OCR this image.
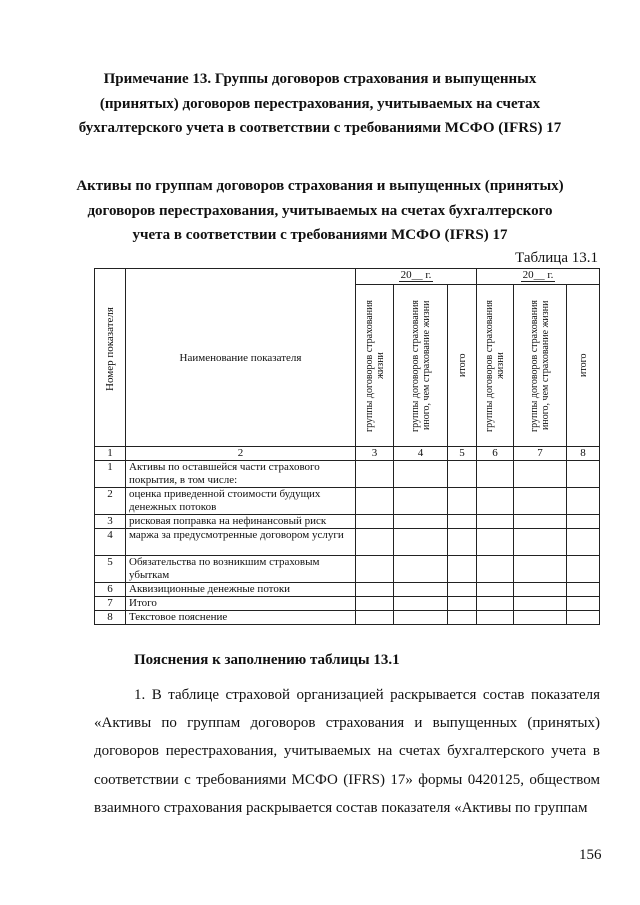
Примечание 13. Группы договоров страхования и выпущенных (принятых) договоров перестрахования, учитываемых на счетах бухгалтерского учета в соответствии с требованиями МСФО (IFRS) 17
Активы по группам договоров страхования и выпущенных (принятых) договоров перестрахования, учитываемых на счетах бухгалтерского учета в соответствии с требованиями МСФО (IFRS) 17
Таблица 13.1
Номер показателя	Наименование показателя	20__ г.			20__ г.		

		группы договоров страхования жизни	группы договоров страхования иного, чем страхование жизни	итого	группы договоров страхования жизни	группы договоров страхования иного, чем страхование жизни	итого

1	2	3	4	5	6	7	8
1	Активы по оставшейся части страхового покрытия, в том числе:						
2	оценка приведенной стоимости будущих денежных потоков						
3	рисковая поправка на нефинансовый риск						
4	маржа за предусмотренные договором услуги						
5	Обязательства по возникшим страховым убыткам						
6	Аквизиционные денежные потоки						
7	Итого						
8	Текстовое пояснение						
Пояснения к заполнению таблицы 13.1

1. В таблице страховой организацией раскрывается состав показателя «Активы по группам договоров страхования и выпущенных (принятых) договоров перестрахования, учитываемых на счетах бухгалтерского учета в соответствии с требованиями МСФО (IFRS) 17» формы 0420125, обществом взаимного страхования раскрывается состав показателя «Активы по группам

156
